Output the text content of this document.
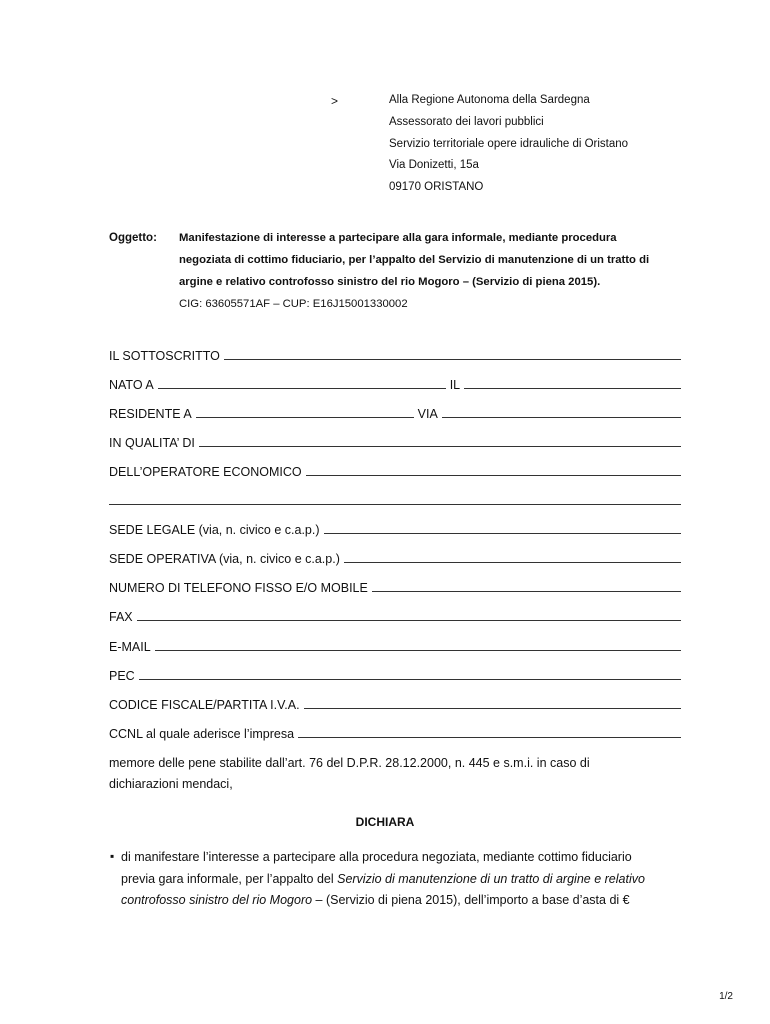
>	Alla Regione Autonoma della Sardegna
Assessorato dei lavori pubblici
Servizio territoriale opere idrauliche di Oristano
Via Donizetti, 15a
09170 ORISTANO
Oggetto: Manifestazione di interesse a partecipare alla gara informale, mediante procedura
negoziata di cottimo fiduciario, per l’appalto del Servizio di manutenzione di un tratto di
argine e relativo controfosso sinistro del rio Mogoro – (Servizio di piena 2015).
CIG: 63605571AF – CUP: E16J15001330002
IL SOTTOSCRITTO
NATO A	IL
RESIDENTE A	VIA
IN QUALITA’ DI
DELL’OPERATORE ECONOMICO
SEDE LEGALE (via, n. civico e c.a.p.)
SEDE OPERATIVA (via, n. civico e c.a.p.)
NUMERO DI TELEFONO FISSO E/O MOBILE
FAX
E-MAIL
PEC
CODICE FISCALE/PARTITA I.V.A.
CCNL al quale aderisce l’impresa
memore delle pene stabilite dall’art. 76 del D.P.R. 28.12.2000, n. 445 e s.m.i. in caso di
dichiarazioni mendaci,
DICHIARA
▪ di manifestare l’interesse a partecipare alla procedura negoziata, mediante cottimo fiduciario
previa gara informale, per l’appalto del Servizio di manutenzione di un tratto di argine e relativo
controfosso sinistro del rio Mogoro – (Servizio di piena 2015), dell’importo a base d’asta di €
1/2
